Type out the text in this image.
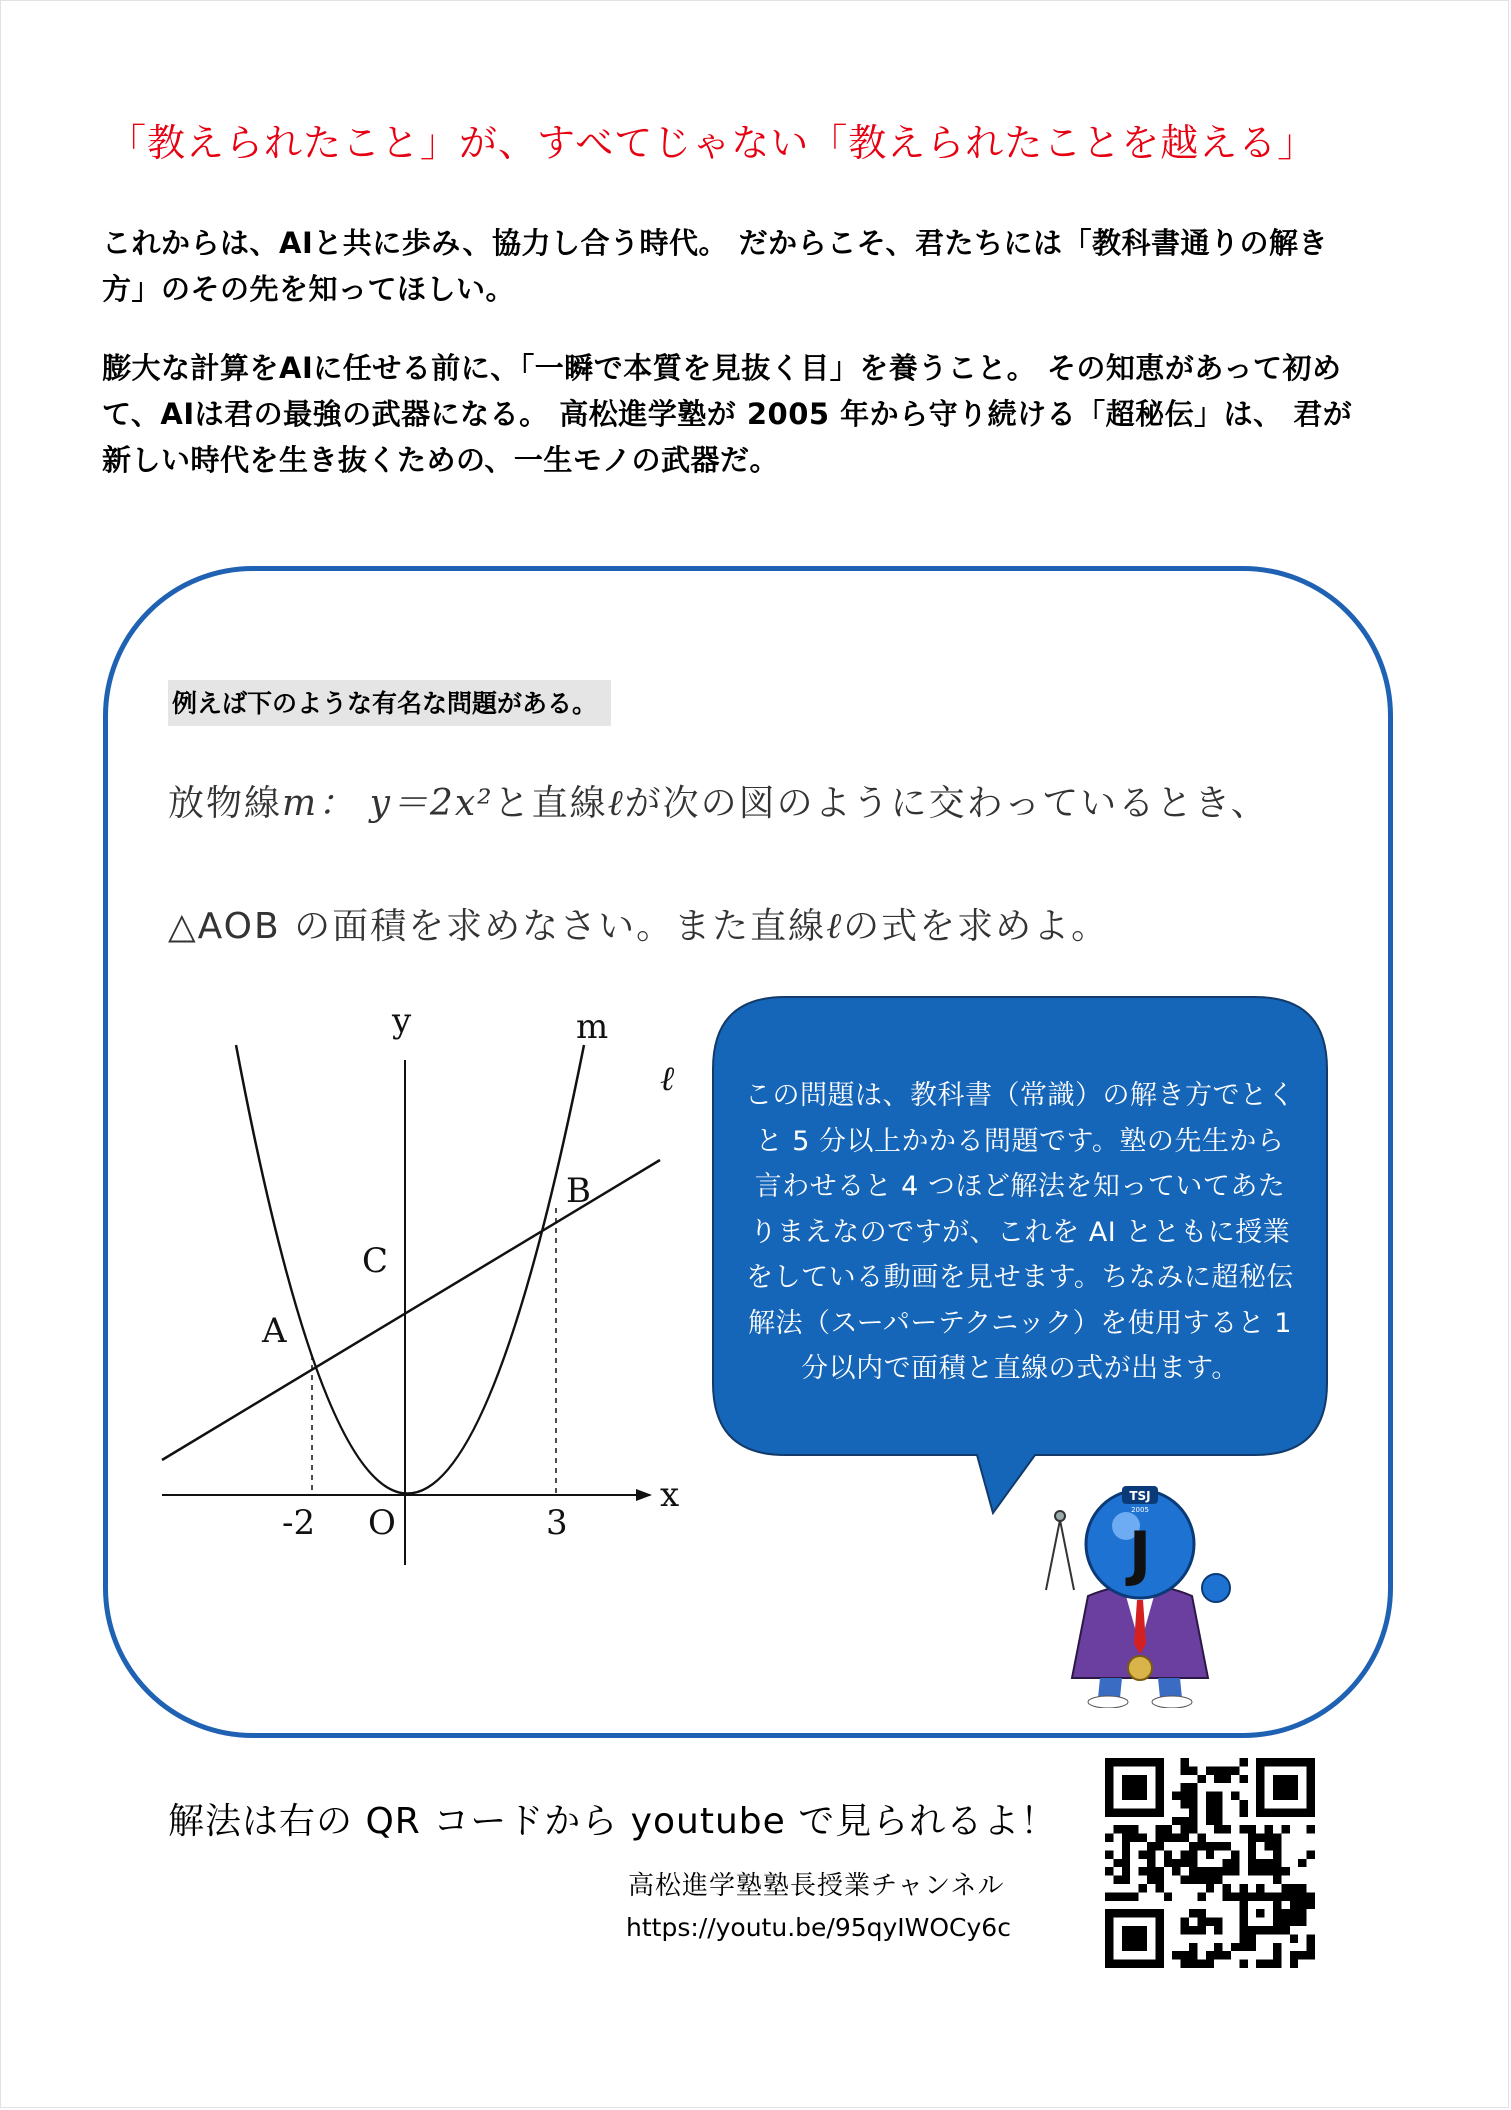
「教えられたこと」が、すべてじゃない「教えられたことを越える」

これからは、AIと共に歩み、協力し合う時代。 だからこそ、君たちには「教科書通りの解き方」のその先を知ってほしい。

膨大な計算をAIに任せる前に、「一瞬で本質を見抜く目」を養うこと。 その知恵があって初めて、AIは君の最強の武器になる。 高松進学塾が 2005 年から守り続ける「超秘伝」は、 君が新しい時代を生き抜くための、一生モノの武器だ。

例えば下のような有名な問題がある。

放物線m： y＝2x²と直線ℓが次の図のように交わっているとき、

△AOB の面積を求めなさい。また直線ℓの式を求めよ。

y
x
m
ℓ
A
B
C
O
-2	3

この問題は、教科書（常識）の解き方でとくと 5 分以上かかる問題です。塾の先生から言わせると 4 つほど解法を知っていてあたりまえなのですが、これを AI とともに授業をしている動画を見せます。ちなみに超秘伝解法（スーパーテクニック）を使用すると 1 分以内で面積と直線の式が出ます。

TSJ
2005
J

解法は右の QR コードから youtube で見られるよ！

高松進学塾塾長授業チャンネル

https://youtu.be/95qyIWOCy6c
